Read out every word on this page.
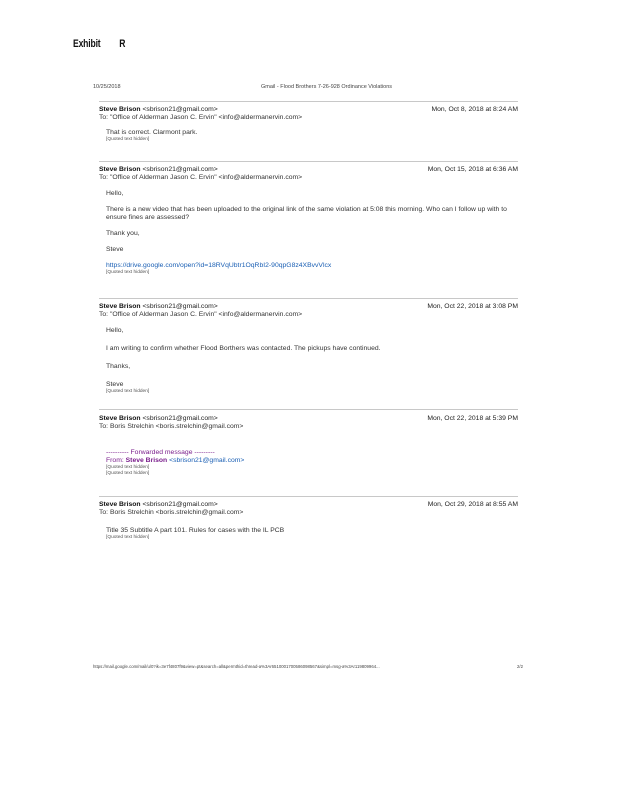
Exhibit R
10/25/2018	Gmail - Flood Brothers 7-26-928 Ordinance Violations
Steve Brison <sbrison21@gmail.com>	Mon, Oct 8, 2018 at 8:24 AM
To: "Office of Alderman Jason C. Ervin" <info@aldermanervin.com>

That is correct. Clarmont park.

[Quoted text hidden]
Steve Brison <sbrison21@gmail.com>	Mon, Oct 15, 2018 at 6:36 AM
To: "Office of Alderman Jason C. Ervin" <info@aldermanervin.com>

Hello,

There is a new video that has been uploaded to the original link of the same violation at 5:08 this morning. Who can I follow up with to ensure fines are assessed?

Thank you,

Steve

https://drive.google.com/open?id=18RVqUbtr1OqRbI2-90qpG8z4XBvvVlcx

[Quoted text hidden]
Steve Brison <sbrison21@gmail.com>	Mon, Oct 22, 2018 at 3:08 PM
To: "Office of Alderman Jason C. Ervin" <info@aldermanervin.com>

Hello,

I am writing to confirm whether Flood Borthers was contacted. The pickups have continued.

Thanks,

Steve

[Quoted text hidden]
Steve Brison <sbrison21@gmail.com>	Mon, Oct 22, 2018 at 5:39 PM
To: Boris Strelchin <boris.strelchin@gmail.com>
---------- Forwarded message ---------
From: Steve Brison <sbrison21@gmail.com>
[Quoted text hidden]
[Quoted text hidden]
Steve Brison <sbrison21@gmail.com>	Mon, Oct 29, 2018 at 8:55 AM
To: Boris Strelchin <boris.strelchin@gmail.com>

Title 35 Subtitle A part 101. Rules for cases with the IL PCB

[Quoted text hidden]
https://mail.google.com/mail/u/0?ik=3e7f4807f9&view=pt&search=all&permthid=thread-a%3Ar6510001700586098567&simpl=msg-a%3Ar119809964...	2/2
